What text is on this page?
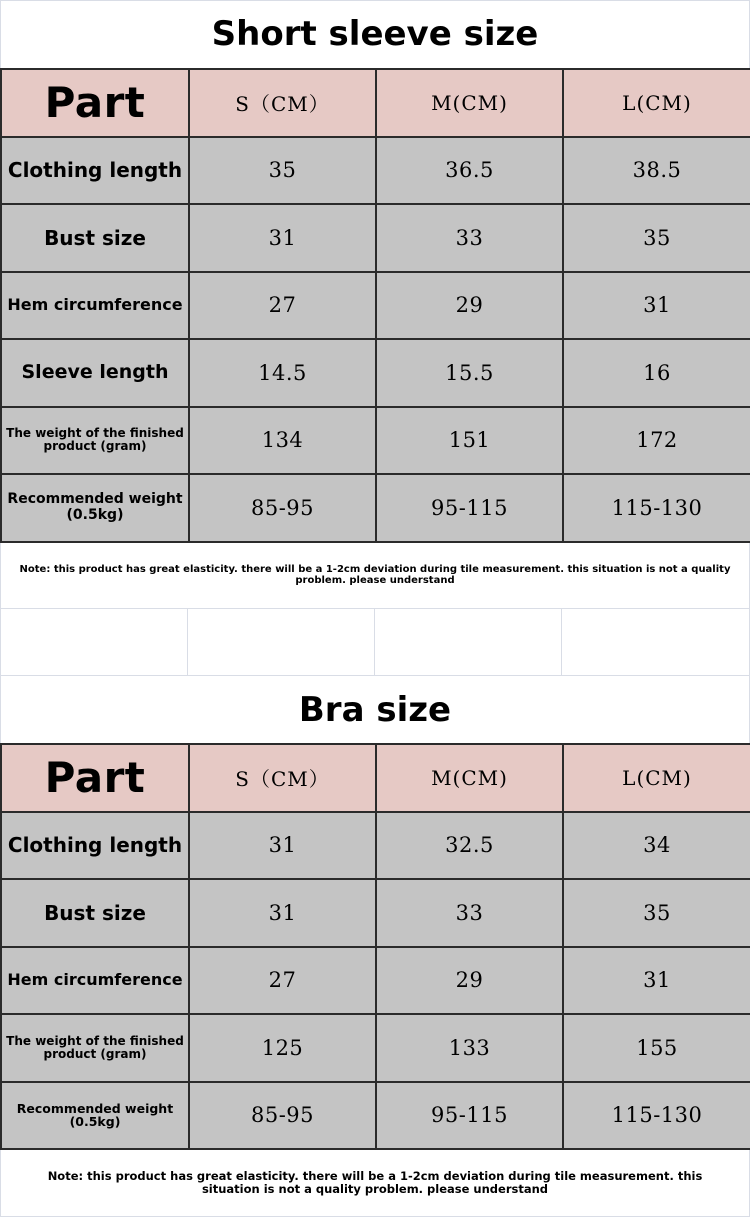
Short sleeve size
Part	S（CM）	M(CM)	L(CM)
Clothing length	35	36.5	38.5
Bust size	31	33	35
Hem circumference	27	29	31
Sleeve length	14.5	15.5	16
The weight of the finished product (gram)	134	151	172
Recommended weight (0.5kg)	85-95	95-115	115-130
Note: this product has great elasticity. there will be a 1-2cm deviation during tile measurement. this situation is not a quality problem. please understand
Bra size
Part	S（CM）	M(CM)	L(CM)
Clothing length	31	32.5	34
Bust size	31	33	35
Hem circumference	27	29	31
The weight of the finished product (gram)	125	133	155
Recommended weight (0.5kg)	85-95	95-115	115-130
Note: this product has great elasticity. there will be a 1-2cm deviation during tile measurement. this situation is not a quality problem. please understand
